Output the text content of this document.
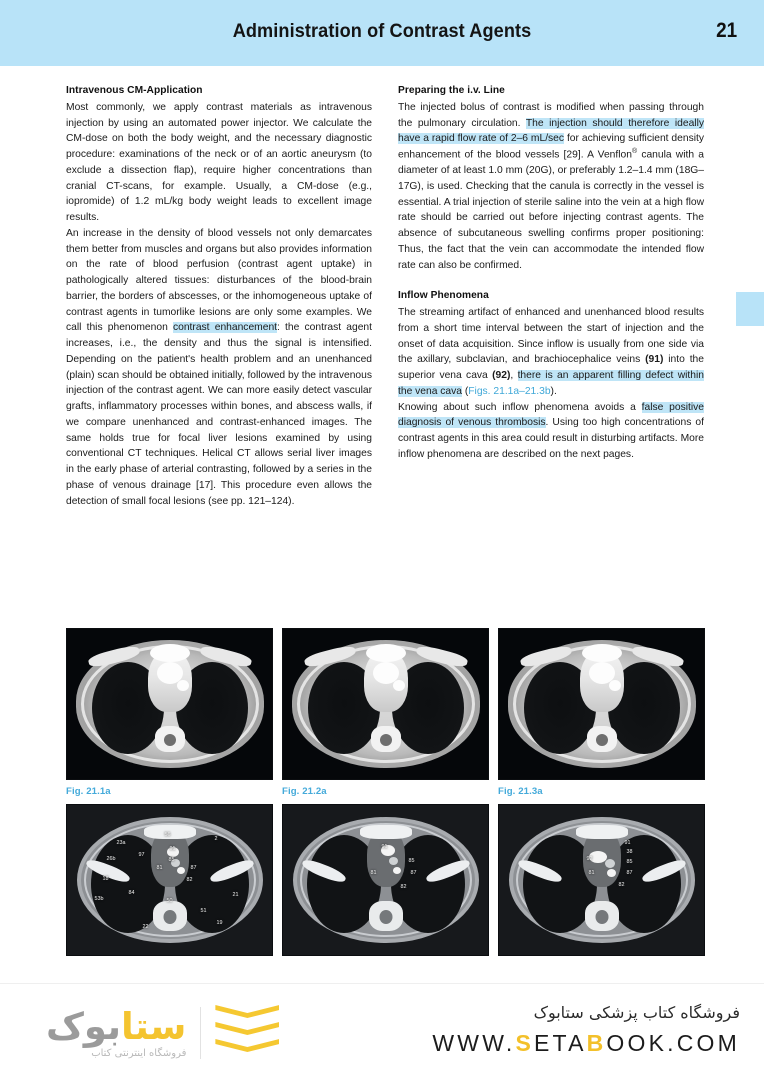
Administration of Contrast Agents	21
Intravenous CM-Application

Most commonly, we apply contrast materials as intravenous injection by using an automated power injector. We calculate the CM-dose on both the body weight, and the necessary diagnostic procedure: examinations of the neck or of an aortic aneurysm (to exclude a dissection flap), require higher concentrations than cranial CT-scans, for example. Usually, a CM-dose (e.g., iopromide) of 1.2 mL/kg body weight leads to excellent image results.

An increase in the density of blood vessels not only demarcates them better from muscles and organs but also provides information on the rate of blood perfusion (contrast agent uptake) in pathologically altered tissues: disturbances of the blood-brain barrier, the borders of abscesses, or the inhomogeneous uptake of contrast agents in tumorlike lesions are only some examples. We call this phenomenon contrast enhancement: the contrast agent increases, i.e., the density and thus the signal is intensified. Depending on the patient's health problem and an unenhanced (plain) scan should be obtained initially, followed by the intravenous injection of the contrast agent. We can more easily detect vascular grafts, inflammatory processes within bones, and abscess walls, if we compare unenhanced and contrast-enhanced images. The same holds true for focal liver lesions examined by using conventional CT techniques. Helical CT allows serial liver images in the early phase of arterial contrasting, followed by a series in the phase of venous drainage [17]. This procedure even allows the detection of small focal lesions (see pp. 121–124).

Preparing the i.v. Line

The injected bolus of contrast is modified when passing through the pulmonary circulation. The injection should therefore ideally have a rapid flow rate of 2–6 mL/sec for achieving sufficient density enhancement of the blood vessels [29]. A Venflon® canula with a diameter of at least 1.0 mm (20G), or preferably 1.2–1.4 mm (18G–17G), is used. Checking that the canula is correctly in the vessel is essential. A trial injection of sterile saline into the vein at a high flow rate should be carried out before injecting contrast agents. The absence of subcutaneous swelling confirms proper positioning: Thus, the fact that the vein can accommodate the intended flow rate can also be confirmed.

Inflow Phenomena

The streaming artifact of enhanced and unenhanced blood results from a short time interval between the start of injection and the onset of data acquisition. Since inflow is usually from one side via the axillary, subclavian, and brachiocephalice veins (91) into the superior vena cava (92), there is an apparent filling defect within the vena cava (Figs. 21.1a–21.3b).

Knowing about such inflow phenomena avoids a false positive diagnosis of venous thrombosis. Using too high concentrations of contrast agents in this area could result in disturbing artifacts. More inflow phenomena are described on the next pages.

Fig. 21.1a	Fig. 21.2a	Fig. 21.3a
2
56
91
85
87
81
82
84
50
18
53b
22
19
26b
23a
97
51
21
91
85
87
81
82
91
92
38
85
87
81
82
ستابوک
فروشگاه اینترنتی کتاب
فروشگاه کتاب پزشکی ستابوک
WWW.SETABOOK.COM
